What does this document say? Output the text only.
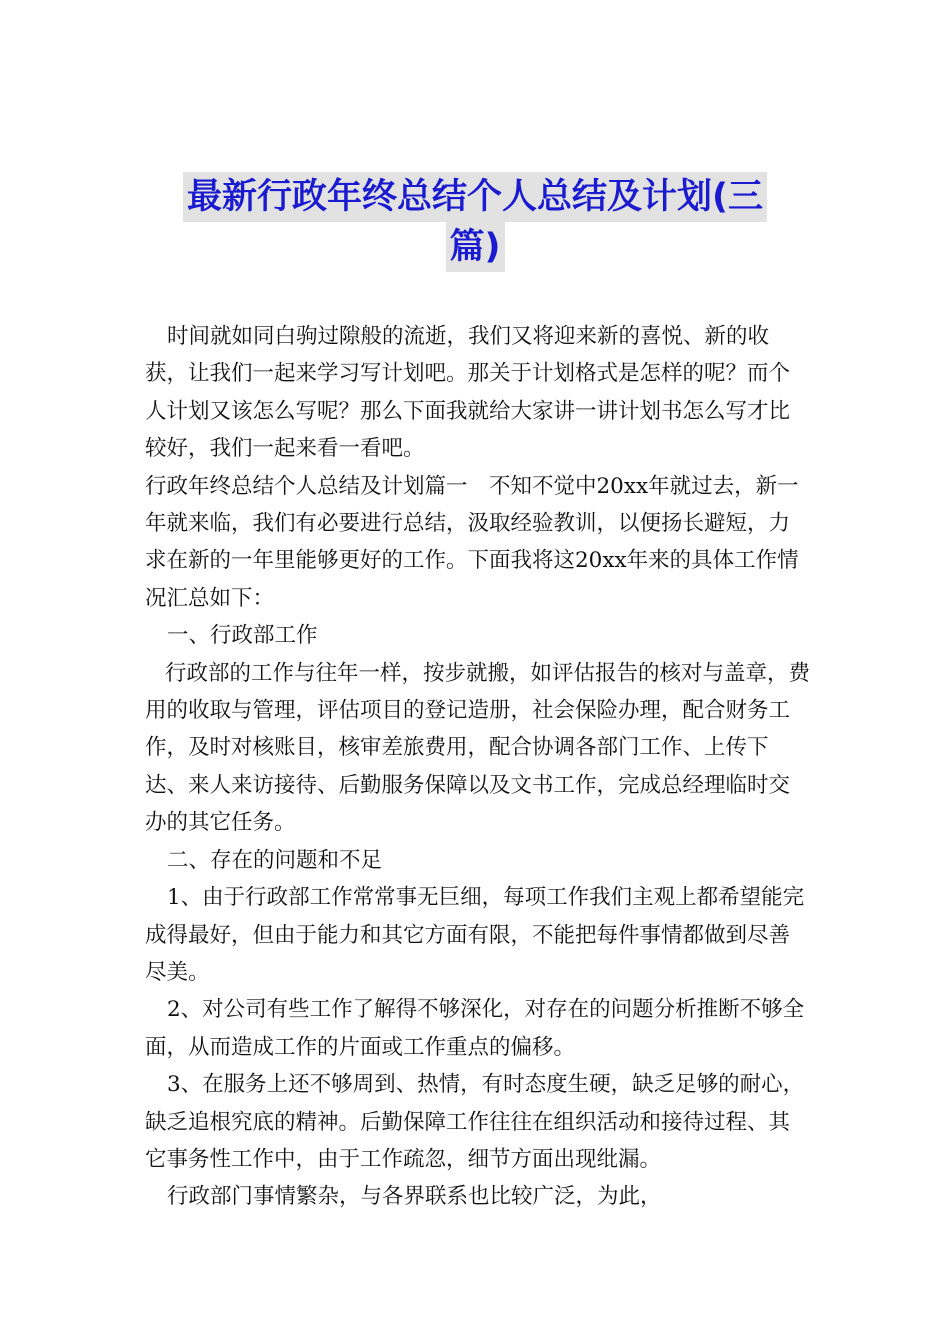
最新行政年终总结个人总结及计划(三
篇)

时间就如同白驹过隙般的流逝，我们又将迎来新的喜悦、新的收获，让我们一起来学习写计划吧。那关于计划格式是怎样的呢？而个人计划又该怎么写呢？那么下面我就给大家讲一讲计划书怎么写才比较好，我们一起来看一看吧。

行政年终总结个人总结及计划篇一　不知不觉中20xx年就过去，新一年就来临，我们有必要进行总结，汲取经验教训，以便扬长避短，力求在新的一年里能够更好的工作。下面我将这20xx年来的具体工作情况汇总如下：

一、行政部工作

行政部的工作与往年一样，按步就搬，如评估报告的核对与盖章，费用的收取与管理，评估项目的登记造册，社会保险办理，配合财务工作，及时对核账目，核审差旅费用，配合协调各部门工作、上传下达、来人来访接待、后勤服务保障以及文书工作，完成总经理临时交办的其它任务。

二、存在的问题和不足

1、由于行政部工作常常事无巨细，每项工作我们主观上都希望能完成得最好，但由于能力和其它方面有限，不能把每件事情都做到尽善尽美。

2、对公司有些工作了解得不够深化，对存在的问题分析推断不够全面，从而造成工作的片面或工作重点的偏移。

3、在服务上还不够周到、热情，有时态度生硬，缺乏足够的耐心，缺乏追根究底的精神。后勤保障工作往往在组织活动和接待过程、其它事务性工作中，由于工作疏忽，细节方面出现纰漏。

行政部门事情繁杂，与各界联系也比较广泛，为此，
